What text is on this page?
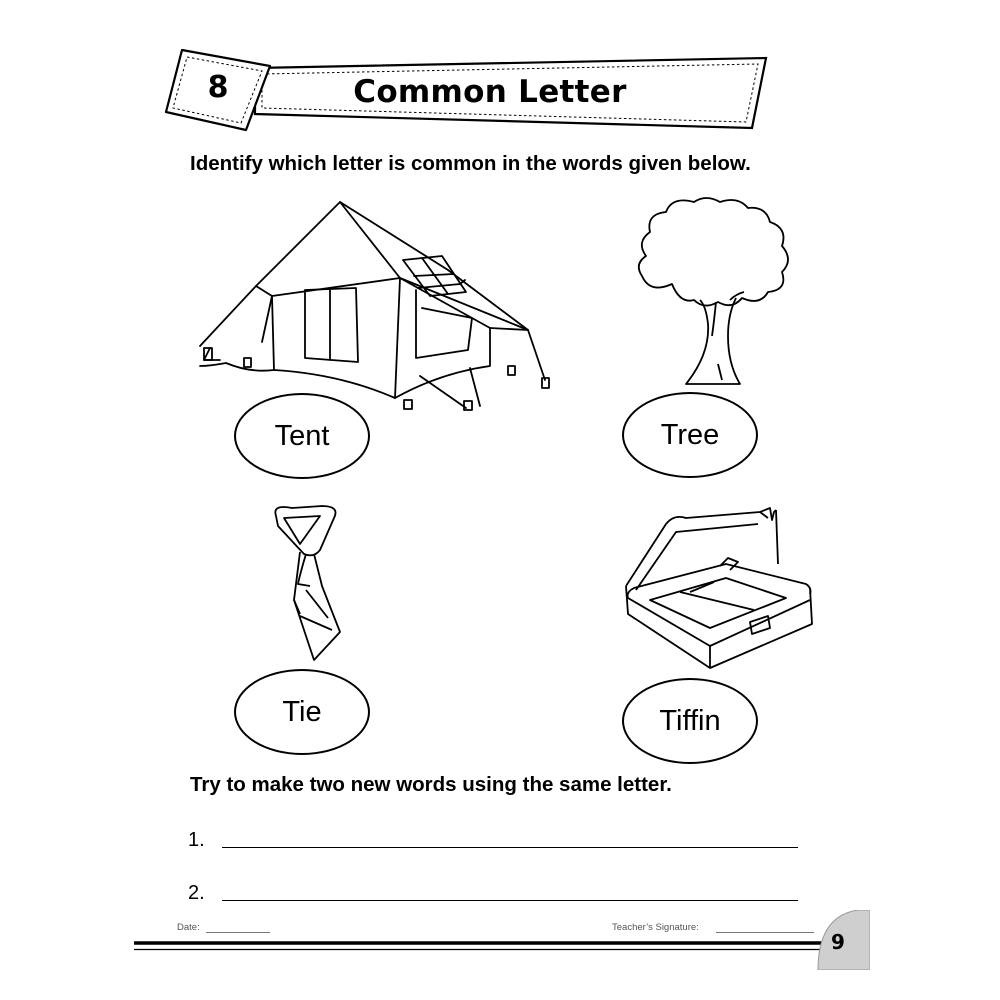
8	Common Letter
Identify which letter is common in the words given below.
Tent	Tree
Tie	Tiffin
Try to make two new words using the same letter.
1.
2.
Date:	Teacher’s Signature:
9
